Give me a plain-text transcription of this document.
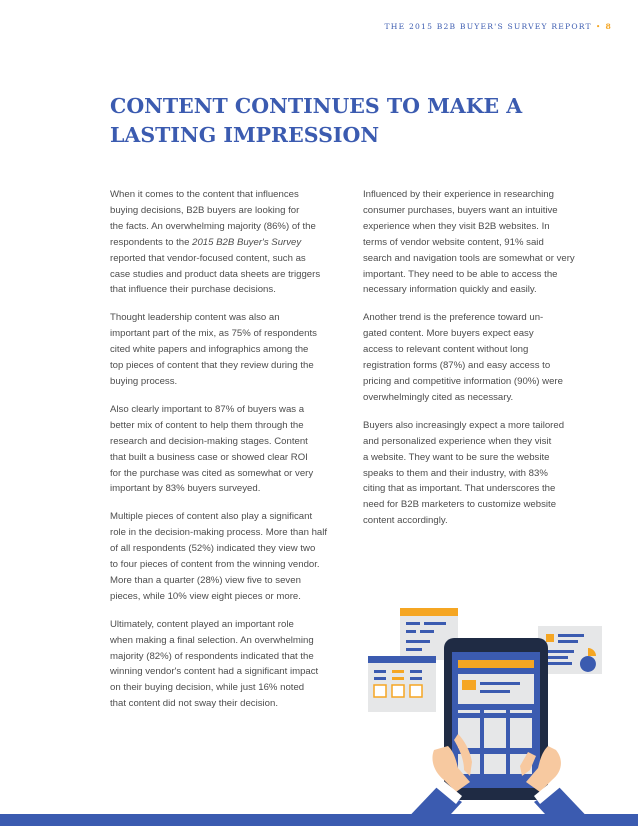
THE 2015 B2B BUYER'S SURVEY REPORT • 8
CONTENT CONTINUES TO MAKE A
LASTING IMPRESSION

When it comes to the content that influences
buying decisions, B2B buyers are looking for
the facts. An overwhelming majority (86%) of the
respondents to the 2015 B2B Buyer's Survey
reported that vendor-focused content, such as
case studies and product data sheets are triggers
that influence their purchase decisions.

Thought leadership content was also an
important part of the mix, as 75% of respondents
cited white papers and infographics among the
top pieces of content that they review during the
buying process.

Also clearly important to 87% of buyers was a
better mix of content to help them through the
research and decision-making stages. Content
that built a business case or showed clear ROI
for the purchase was cited as somewhat or very
important by 83% buyers surveyed.

Multiple pieces of content also play a significant
role in the decision-making process. More than half
of all respondents (52%) indicated they view two
to four pieces of content from the winning vendor.
More than a quarter (28%) view five to seven
pieces, while 10% view eight pieces or more.

Ultimately, content played an important role
when making a final selection. An overwhelming
majority (82%) of respondents indicated that the
winning vendor's content had a significant impact
on their buying decision, while just 16% noted
that content did not sway their decision.

Influenced by their experience in researching
consumer purchases, buyers want an intuitive
experience when they visit B2B websites. In
terms of vendor website content, 91% said
search and navigation tools are somewhat or very
important. They need to be able to access the
necessary information quickly and easily.

Another trend is the preference toward un-
gated content. More buyers expect easy
access to relevant content without long
registration forms (87%) and easy access to
pricing and competitive information (90%) were
overwhelmingly cited as necessary.

Buyers also increasingly expect a more tailored
and personalized experience when they visit
a website. They want to be sure the website
speaks to them and their industry, with 83%
citing that as important. That underscores the
need for B2B marketers to customize website
content accordingly.
